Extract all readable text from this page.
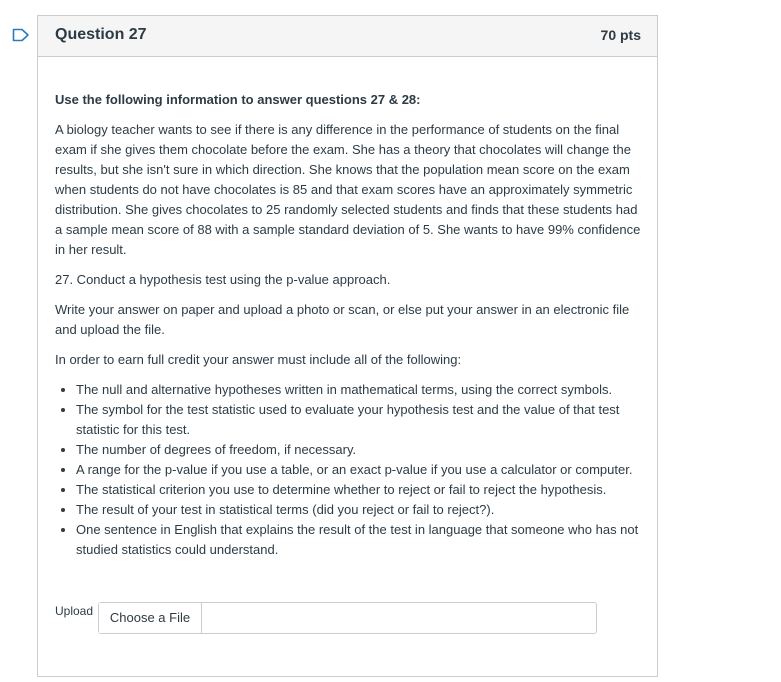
Question 27	70 pts

Use the following information to answer questions 27 & 28:

A biology teacher wants to see if there is any difference in the performance of students on the final exam if she gives them chocolate before the exam. She has a theory that chocolates will change the results, but she isn't sure in which direction. She knows that the population mean score on the exam when students do not have chocolates is 85 and that exam scores have an approximately symmetric distribution. She gives chocolates to 25 randomly selected students and finds that these students had a sample mean score of 88 with a sample standard deviation of 5. She wants to have 99% confidence in her result.

27. Conduct a hypothesis test using the p-value approach.

Write your answer on paper and upload a photo or scan, or else put your answer in an electronic file and upload the file.

In order to earn full credit your answer must include all of the following:

• The null and alternative hypotheses written in mathematical terms, using the correct symbols.
• The symbol for the test statistic used to evaluate your hypothesis test and the value of that test statistic for this test.
• The number of degrees of freedom, if necessary.
• A range for the p-value if you use a table, or an exact p-value if you use a calculator or computer.
• The statistical criterion you use to determine whether to reject or fail to reject the hypothesis.
• The result of your test in statistical terms (did you reject or fail to reject?).
• One sentence in English that explains the result of the test in language that someone who has not studied statistics could understand.
Upload	Choose a File
